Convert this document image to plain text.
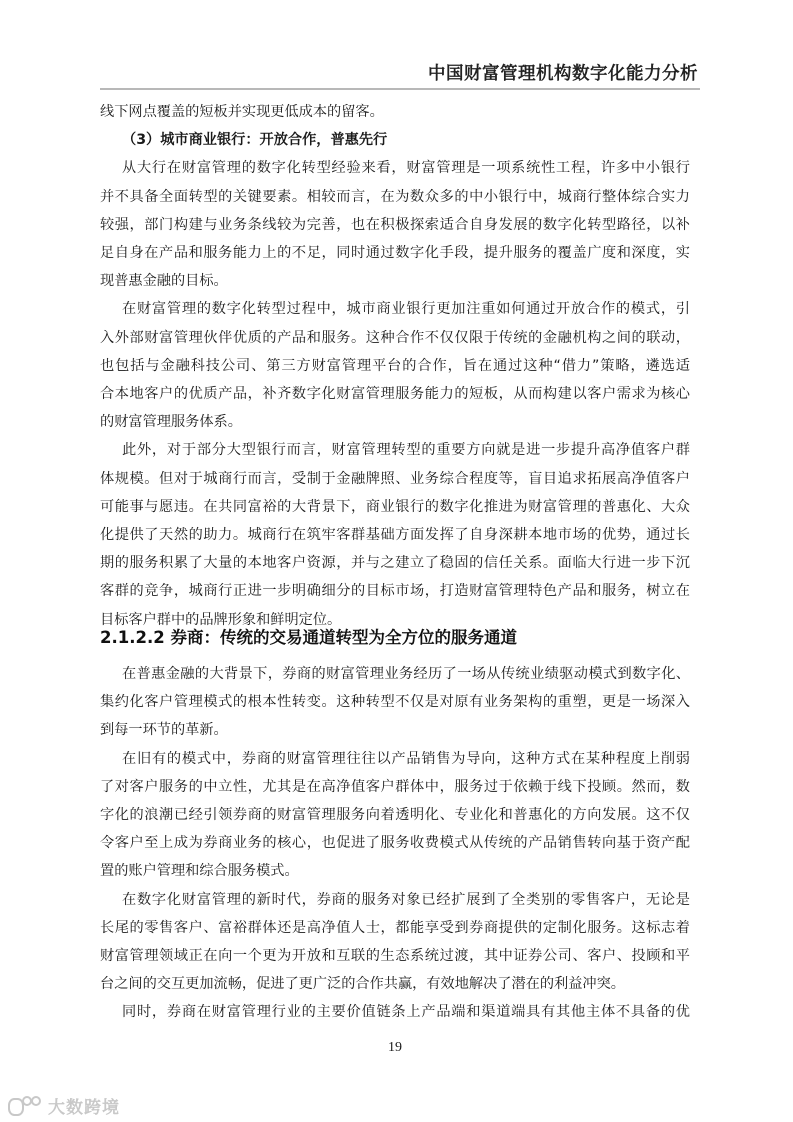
中国财富管理机构数字化能力分析
线下网点覆盖的短板并实现更低成本的留客。
（3）城市商业银行：开放合作，普惠先行
从大行在财富管理的数字化转型经验来看，财富管理是一项系统性工程，许多中小银行
并不具备全面转型的关键要素。相较而言，在为数众多的中小银行中，城商行整体综合实力
较强，部门构建与业务条线较为完善，也在积极探索适合自身发展的数字化转型路径，以补
足自身在产品和服务能力上的不足，同时通过数字化手段，提升服务的覆盖广度和深度，实
现普惠金融的目标。
在财富管理的数字化转型过程中，城市商业银行更加注重如何通过开放合作的模式，引
入外部财富管理伙伴优质的产品和服务。这种合作不仅仅限于传统的金融机构之间的联动，
也包括与金融科技公司、第三方财富管理平台的合作，旨在通过这种“借力”策略，遴选适
合本地客户的优质产品，补齐数字化财富管理服务能力的短板，从而构建以客户需求为核心
的财富管理服务体系。
此外，对于部分大型银行而言，财富管理转型的重要方向就是进一步提升高净值客户群
体规模。但对于城商行而言，受制于金融牌照、业务综合程度等，盲目追求拓展高净值客户
可能事与愿违。在共同富裕的大背景下，商业银行的数字化推进为财富管理的普惠化、大众
化提供了天然的助力。城商行在筑牢客群基础方面发挥了自身深耕本地市场的优势，通过长
期的服务积累了大量的本地客户资源，并与之建立了稳固的信任关系。面临大行进一步下沉
客群的竞争，城商行正进一步明确细分的目标市场，打造财富管理特色产品和服务，树立在
目标客户群中的品牌形象和鲜明定位。
2.1.2.2 券商：传统的交易通道转型为全方位的服务通道
在普惠金融的大背景下，券商的财富管理业务经历了一场从传统业绩驱动模式到数字化、
集约化客户管理模式的根本性转变。这种转型不仅是对原有业务架构的重塑，更是一场深入
到每一环节的革新。
在旧有的模式中，券商的财富管理往往以产品销售为导向，这种方式在某种程度上削弱
了对客户服务的中立性，尤其是在高净值客户群体中，服务过于依赖于线下投顾。然而，数
字化的浪潮已经引领券商的财富管理服务向着透明化、专业化和普惠化的方向发展。这不仅
令客户至上成为券商业务的核心，也促进了服务收费模式从传统的产品销售转向基于资产配
置的账户管理和综合服务模式。
在数字化财富管理的新时代，券商的服务对象已经扩展到了全类别的零售客户，无论是
长尾的零售客户、富裕群体还是高净值人士，都能享受到券商提供的定制化服务。这标志着
财富管理领域正在向一个更为开放和互联的生态系统过渡，其中证券公司、客户、投顾和平
台之间的交互更加流畅，促进了更广泛的合作共赢，有效地解决了潜在的利益冲突。
同时，券商在财富管理行业的主要价值链条上产品端和渠道端具有其他主体不具备的优
19
大数跨境
